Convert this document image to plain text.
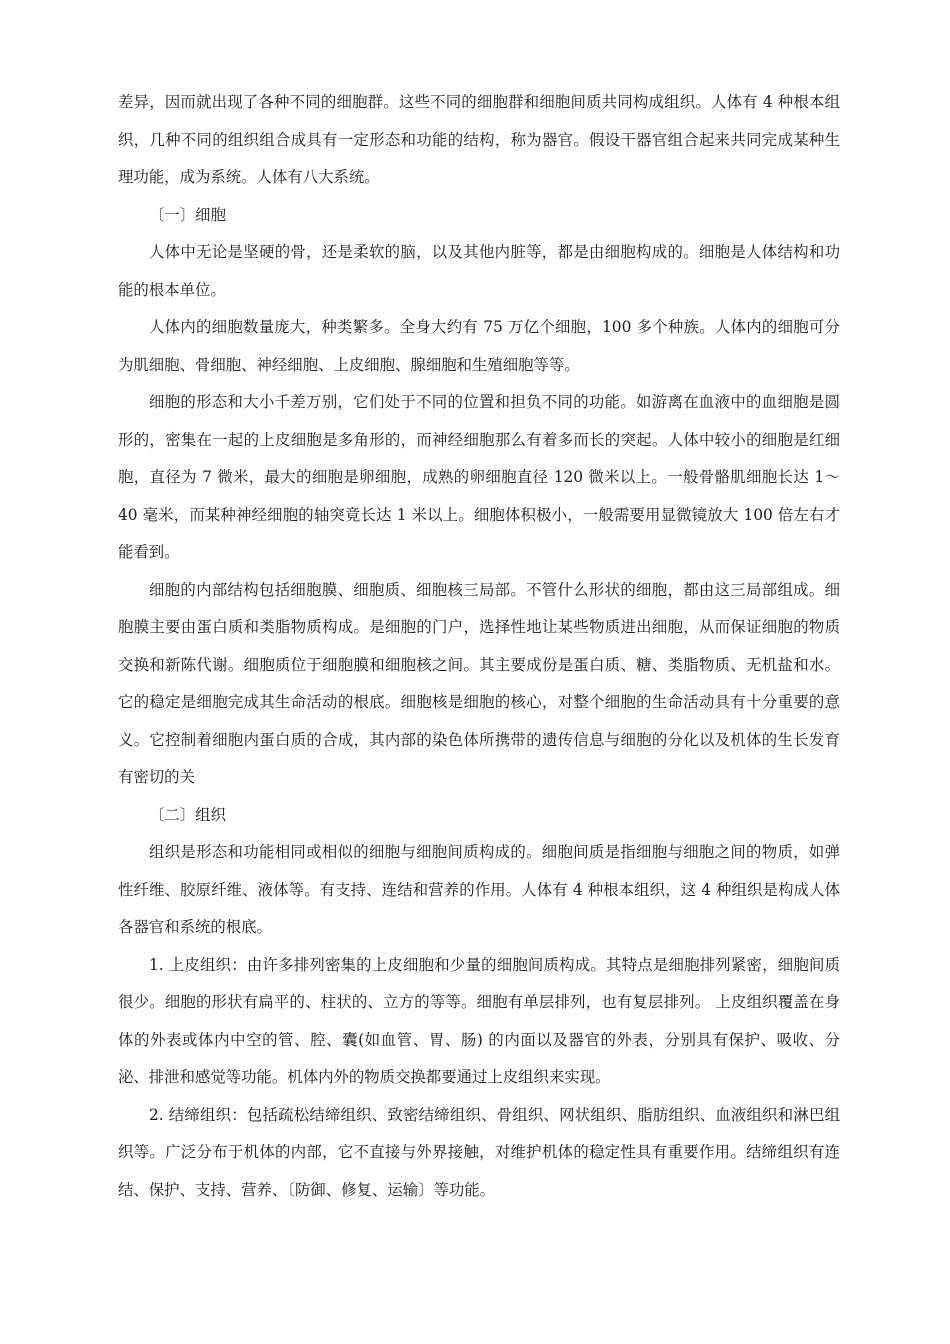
差异，因而就出现了各种不同的细胞群。这些不同的细胞群和细胞间质共同构成组织。人体有 4 种根本组织，几种不同的组织组合成具有一定形态和功能的结构，称为器官。假设干器官组合起来共同完成某种生理功能，成为系统。人体有八大系统。

〔一〕细胞

人体中无论是坚硬的骨，还是柔软的脑，以及其他内脏等，都是由细胞构成的。细胞是人体结构和功能的根本单位。

人体内的细胞数量庞大，种类繁多。全身大约有 75 万亿个细胞，100 多个种族。人体内的细胞可分为肌细胞、骨细胞、神经细胞、上皮细胞、腺细胞和生殖细胞等等。

细胞的形态和大小千差万别，它们处于不同的位置和担负不同的功能。如游离在血液中的血细胞是圆形的，密集在一起的上皮细胞是多角形的，而神经细胞那么有着多而长的突起。人体中较小的细胞是红细胞，直径为 7 微米，最大的细胞是卵细胞，成熟的卵细胞直径 120 微米以上。一般骨骼肌细胞长达 1～40 毫米，而某种神经细胞的轴突竟长达 1 米以上。细胞体积极小，一般需要用显微镜放大 100 倍左右才能看到。

细胞的内部结构包括细胞膜、细胞质、细胞核三局部。不管什么形状的细胞，都由这三局部组成。细胞膜主要由蛋白质和类脂物质构成。是细胞的门户，选择性地让某些物质进出细胞，从而保证细胞的物质交换和新陈代谢。细胞质位于细胞膜和细胞核之间。其主要成份是蛋白质、糖、类脂物质、无机盐和水。它的稳定是细胞完成其生命活动的根底。细胞核是细胞的核心，对整个细胞的生命活动具有十分重要的意义。它控制着细胞内蛋白质的合成，其内部的染色体所携带的遗传信息与细胞的分化以及机体的生长发育有密切的关

〔二〕组织

组织是形态和功能相同或相似的细胞与细胞间质构成的。细胞间质是指细胞与细胞之间的物质，如弹性纤维、胶原纤维、液体等。有支持、连结和营养的作用。人体有 4 种根本组织，这 4 种组织是构成人体各器官和系统的根底。

1. 上皮组织：由许多排列密集的上皮细胞和少量的细胞间质构成。其特点是细胞排列紧密，细胞间质很少。细胞的形状有扁平的、柱状的、立方的等等。细胞有单层排列，也有复层排列。 上皮组织覆盖在身体的外表或体内中空的管、腔、囊(如血管、胃、肠) 的内面以及器官的外表，分别具有保护、吸收、分泌、排泄和感觉等功能。机体内外的物质交换都要通过上皮组织来实现。

2. 结缔组织：包括疏松结缔组织、致密结缔组织、骨组织、网状组织、脂肪组织、血液组织和淋巴组织等。广泛分布于机体的内部，它不直接与外界接触，对维护机体的稳定性具有重要作用。结缔组织有连结、保护、支持、营养、〔防御、修复、运输〕等功能。
